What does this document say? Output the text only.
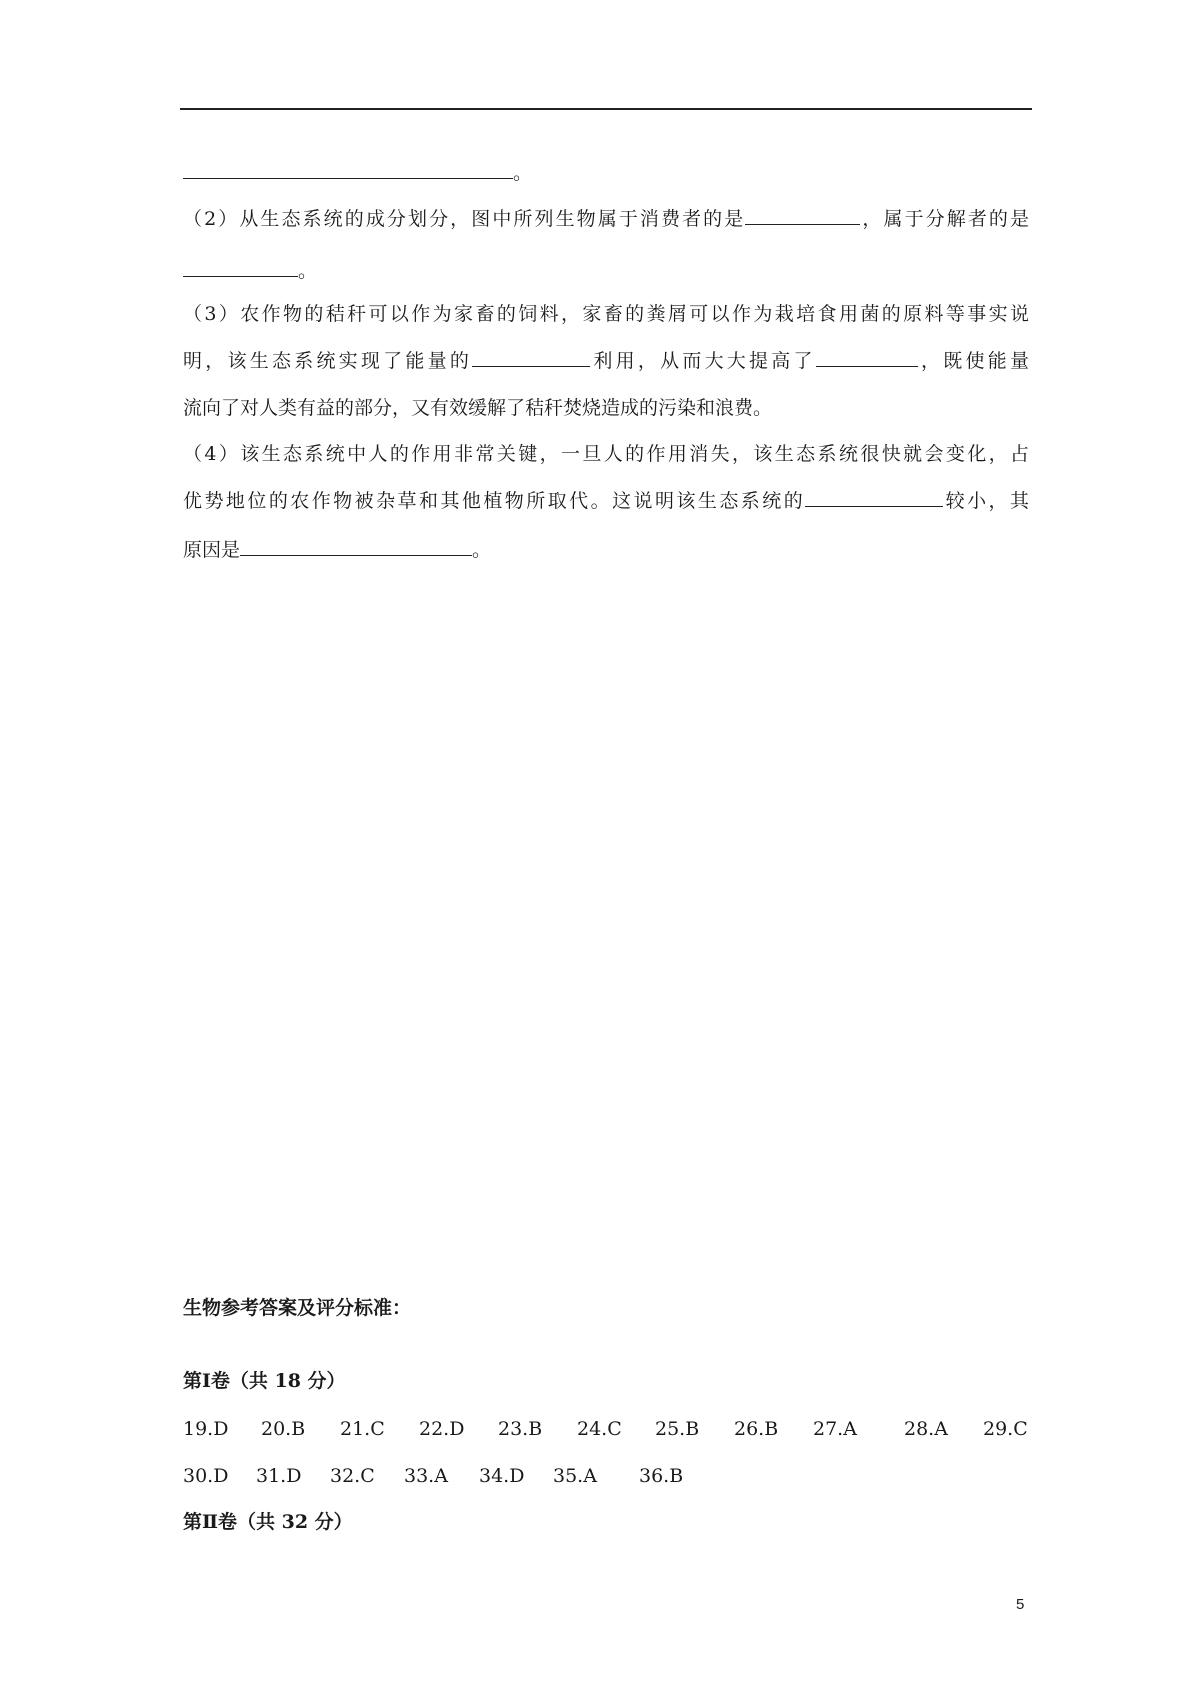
。
（2）从生态系统的成分划分，图中所列生物属于消费者的是	，属于分解者的是
。
（3）农作物的秸秆可以作为家畜的饲料，家畜的粪屑可以作为栽培食用菌的原料等事实说
明，该生态系统实现了能量的	利用，从而大大提高了	，既使能量
流向了对人类有益的部分，又有效缓解了秸秆焚烧造成的污染和浪费。
（4）该生态系统中人的作用非常关键，一旦人的作用消失，该生态系统很快就会变化，占
优势地位的农作物被杂草和其他植物所取代。这说明该生态系统的	较小，其
原因是	。
生物参考答案及评分标准：
第Ⅰ卷（共 18 分）
19.D 20.B 21.C 22.D 23.B 24.C 25.B 26.B 27.A 28.A 29.C
30.D 31.D 32.C 33.A 34.D 35.A 36.B
第Ⅱ卷（共 32 分）
5
